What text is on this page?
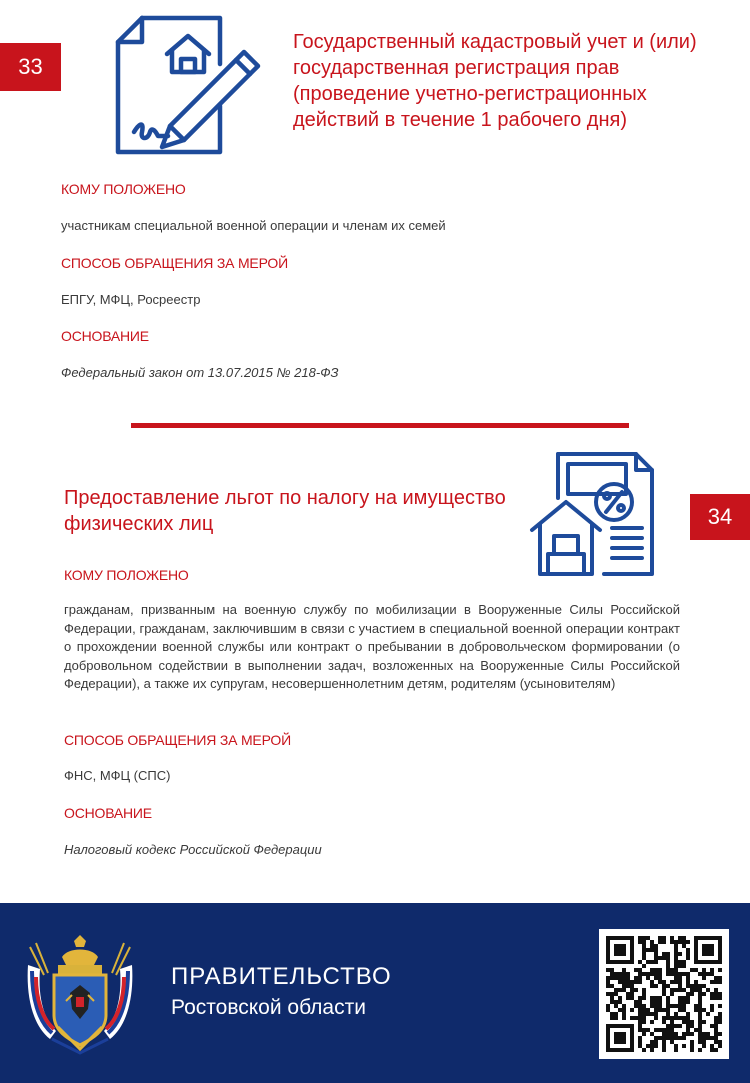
33
Государственный кадастровый учет и (или) государственная регистрация прав (проведение учетно-регистрационных действий в течение 1 рабочего дня)
КОМУ ПОЛОЖЕНО
участникам специальной военной операции и членам их семей
СПОСОБ ОБРАЩЕНИЯ ЗА МЕРОЙ
ЕПГУ, МФЦ, Росреестр
ОСНОВАНИЕ
Федеральный закон от 13.07.2015 № 218-ФЗ
34
Предоставление льгот по налогу на имущество физических лиц
КОМУ ПОЛОЖЕНО
гражданам, призванным на военную службу по мобилизации в Вооруженные Силы Российской Федерации, гражданам, заключившим в связи с участием в специальной военной операции контракт о прохождении военной службы или контракт о пребывании в добровольческом формировании (о добровольном содействии в выполнении задач, возложенных на Вооруженные Силы Российской Федерации), а также их супругам, несовершеннолетним детям, родителям (усыновителям)
СПОСОБ ОБРАЩЕНИЯ ЗА МЕРОЙ
ФНС, МФЦ (СПС)
ОСНОВАНИЕ
Налоговый кодекс Российской Федерации
ПРАВИТЕЛЬСТВО
Ростовской области
